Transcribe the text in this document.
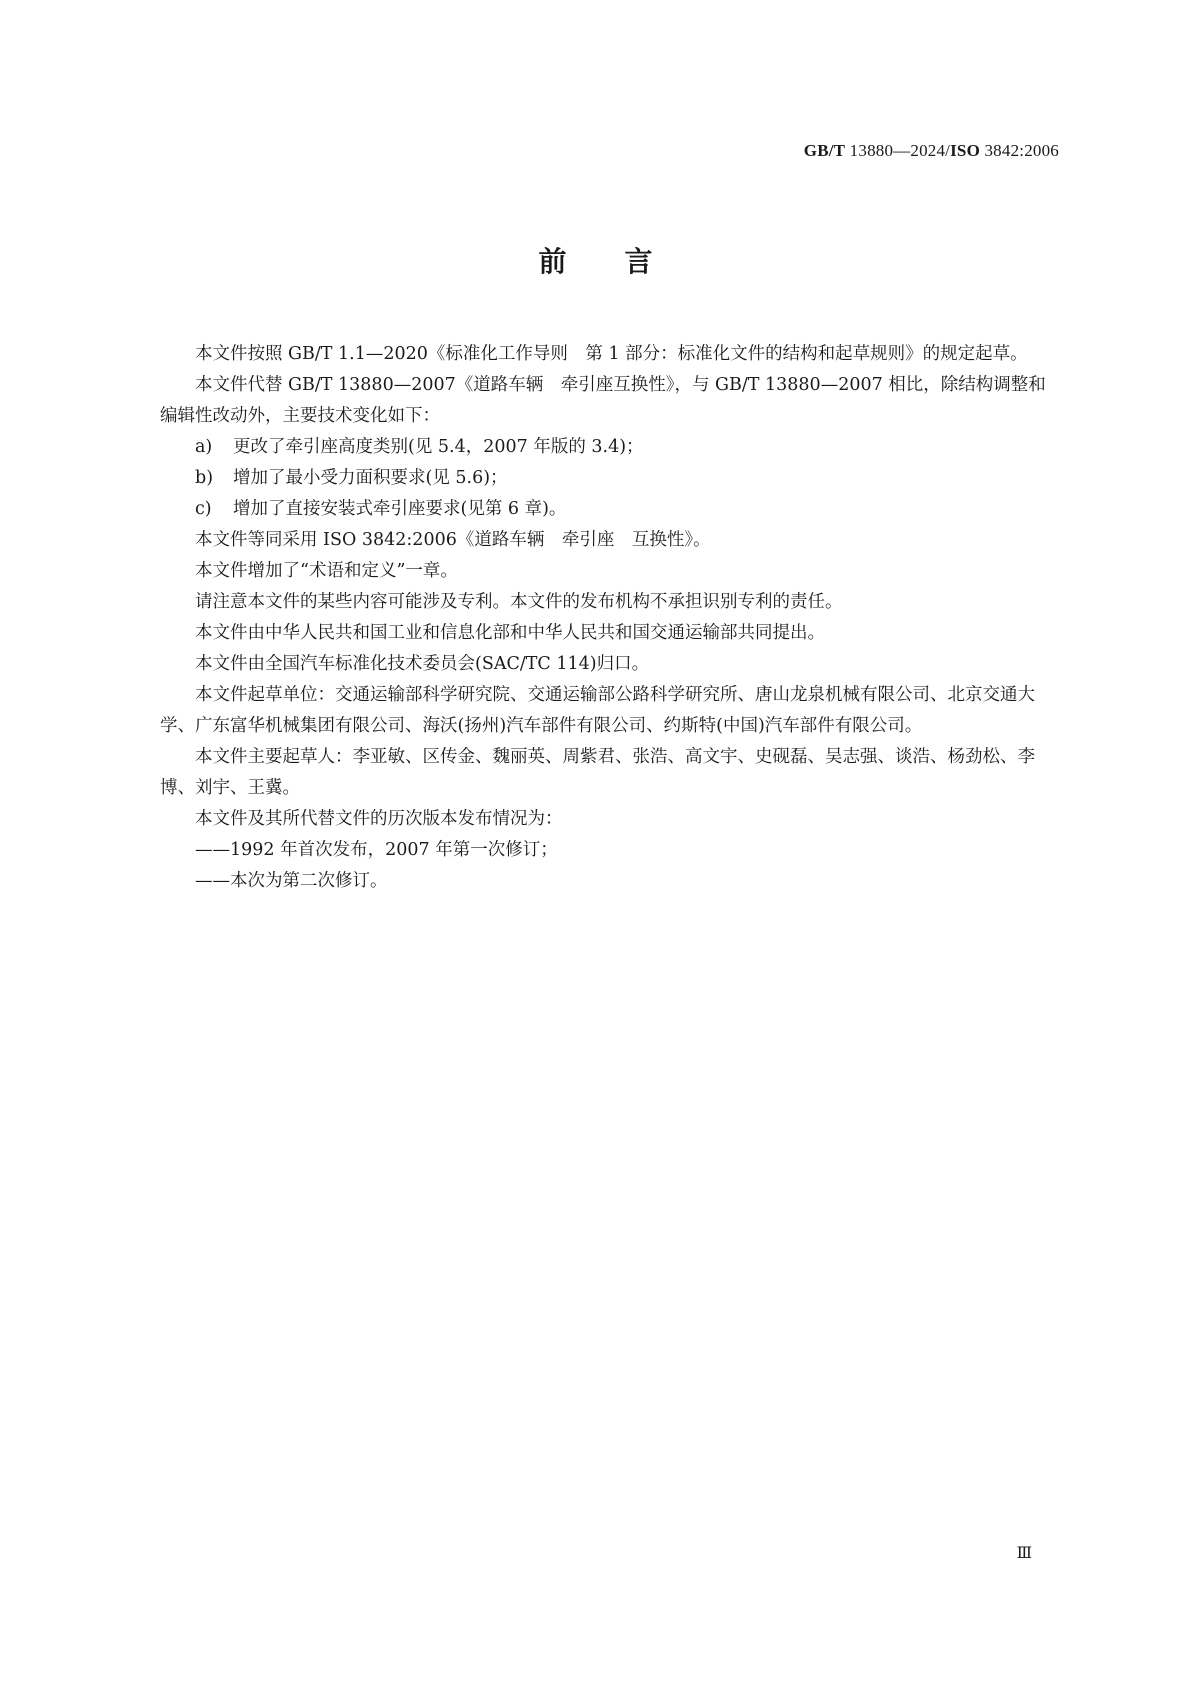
GB/T 13880—2024/ISO 3842:2006
前言

本文件按照 GB/T 1.1—2020《标准化工作导则　第 1 部分：标准化文件的结构和起草规则》的规定起草。

本文件代替 GB/T 13880—2007《道路车辆　牵引座互换性》，与 GB/T 13880—2007 相比，除结构调整和编辑性改动外，主要技术变化如下：

a) 更改了牵引座高度类别(见 5.4，2007 年版的 3.4)；

b) 增加了最小受力面积要求(见 5.6)；

c) 增加了直接安装式牵引座要求(见第 6 章)。

本文件等同采用 ISO 3842:2006《道路车辆　牵引座　互换性》。

本文件增加了“术语和定义”一章。

请注意本文件的某些内容可能涉及专利。本文件的发布机构不承担识别专利的责任。

本文件由中华人民共和国工业和信息化部和中华人民共和国交通运输部共同提出。

本文件由全国汽车标准化技术委员会(SAC/TC 114)归口。

本文件起草单位：交通运输部科学研究院、交通运输部公路科学研究所、唐山龙泉机械有限公司、北京交通大学、广东富华机械集团有限公司、海沃(扬州)汽车部件有限公司、约斯特(中国)汽车部件有限公司。

本文件主要起草人：李亚敏、区传金、魏丽英、周紫君、张浩、高文宇、史砚磊、吴志强、谈浩、杨劲松、李博、刘宇、王冀。

本文件及其所代替文件的历次版本发布情况为：

——1992 年首次发布，2007 年第一次修订；

——本次为第二次修订。

Ⅲ
